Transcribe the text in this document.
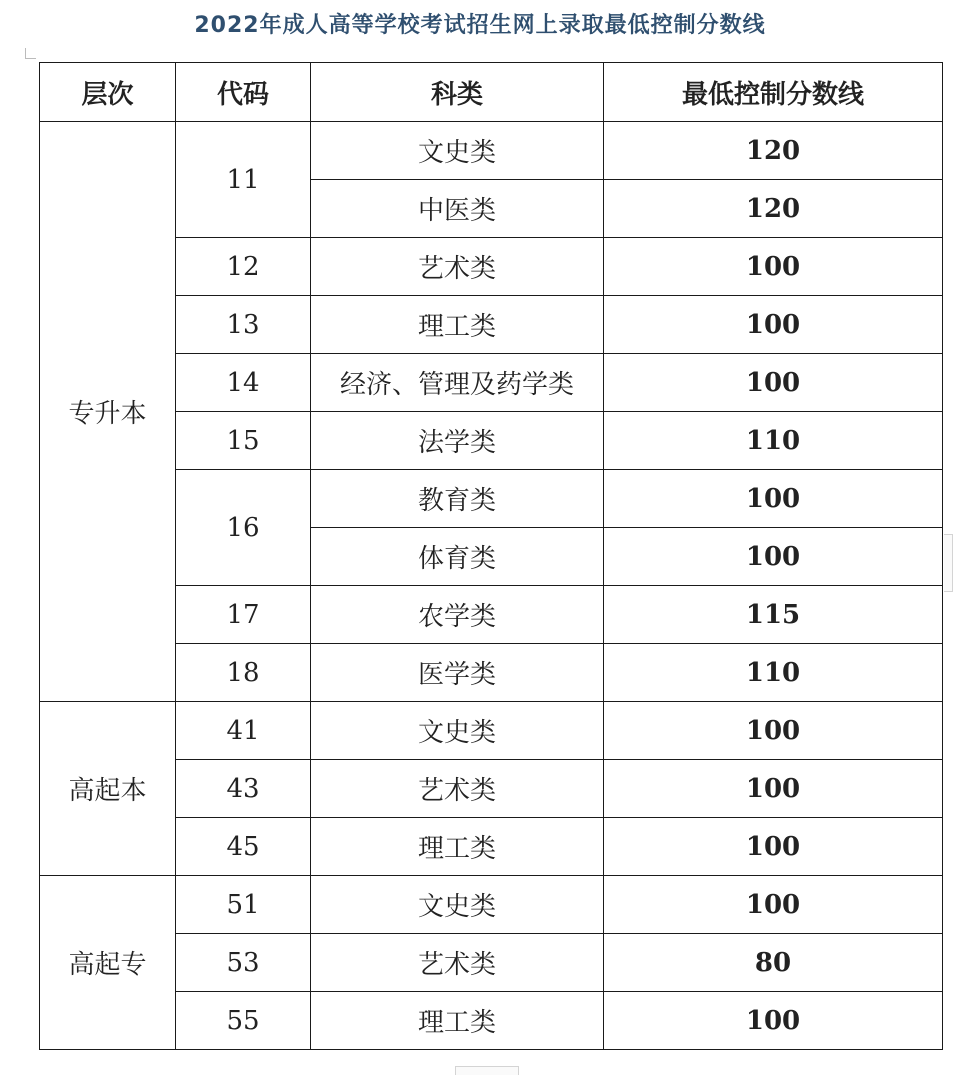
2022年成人高等学校考试招生网上录取最低控制分数线
层次	代码	科类	最低控制分数线
专升本	11	文史类	120
		中医类	120
	12	艺术类	100
	13	理工类	100
	14	经济、管理及药学类	100
	15	法学类	110
	16	教育类	100
		体育类	100
	17	农学类	115
	18	医学类	110
高起本	41	文史类	100
	43	艺术类	100
	45	理工类	100
高起专	51	文史类	100
	53	艺术类	80
	55	理工类	100
